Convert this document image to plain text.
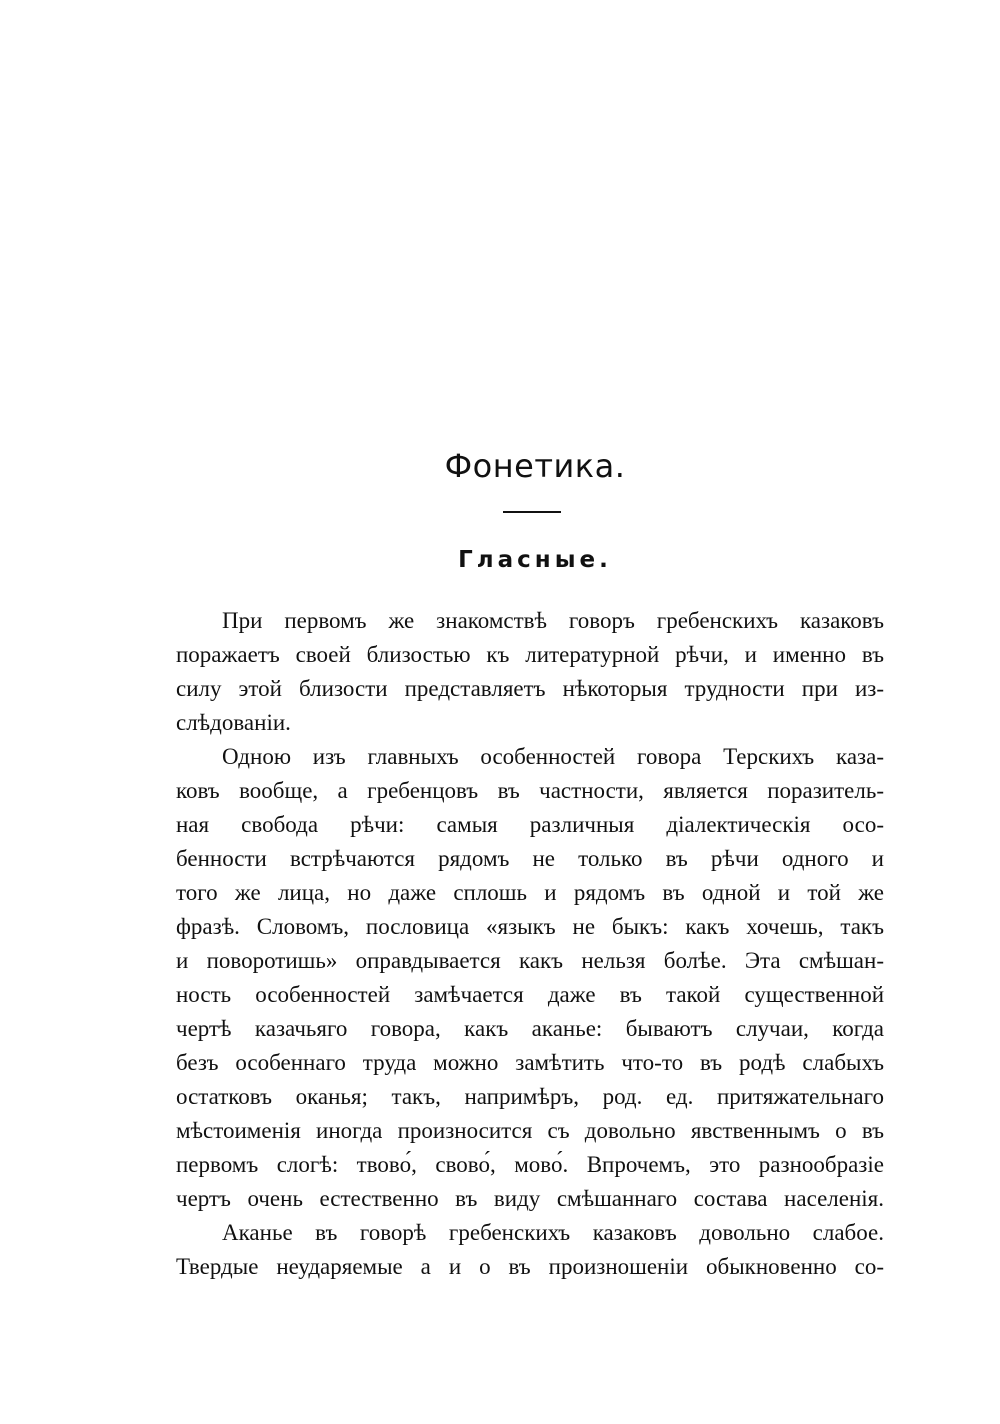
Фонетика.
Гласные.
При первомъ же знакомствѣ говоръ гребенскихъ казаковъ
поражаетъ своей близостью къ литературной рѣчи, и именно въ
силу этой близости представляетъ нѣкоторыя трудности при из-
слѣдованіи.
Одною изъ главныхъ особенностей говора Терскихъ каза-
ковъ вообще, а гребенцовъ въ частности, является поразитель-
ная свобода рѣчи: самыя различныя діалектическія осо-
бенности встрѣчаются рядомъ не только въ рѣчи одного и
того же лица, но даже сплошь и рядомъ въ одной и той же
фразѣ. Словомъ, пословица «языкъ не быкъ: какъ хочешь, такъ
и поворотишь» оправдывается какъ нельзя болѣе. Эта смѣшан-
ность особенностей замѣчается даже въ такой существенной
чертѣ казачьяго говора, какъ аканье: бываютъ случаи, когда
безъ особеннаго труда можно замѣтить что-то въ родѣ слабыхъ
остатковъ оканья; такъ, напримѣръ, род. ед. притяжательнаго
мѣстоименія иногда произносится съ довольно явственнымъ о въ
первомъ слогѣ: твово́, свово́, мово́. Впрочемъ, это разнообразіе
чертъ очень естественно въ виду смѣшаннаго состава населенія.
Аканье въ говорѣ гребенскихъ казаковъ довольно слабое.
Твердые неударяемые а и о въ произношеніи обыкновенно со-
